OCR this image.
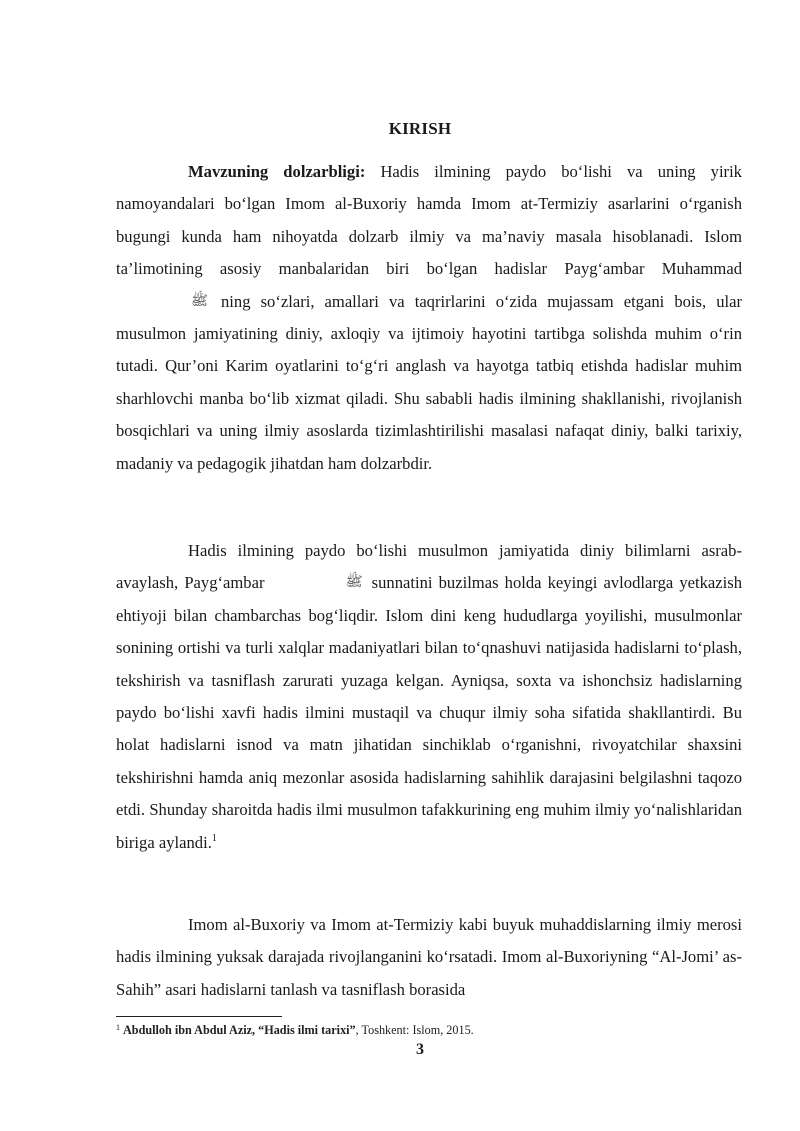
KIRISH

Mavzuning dolzarbligi: Hadis ilmining paydo bo‘lishi va uning yirik namoyandalari bo‘lgan Imom al-Buxoriy hamda Imom at-Termiziy asarlarini o‘rganish bugungi kunda ham nihoyatda dolzarb ilmiy va ma’naviy masala hisoblanadi. Islom ta’limotining asosiy manbalaridan biri bo‘lgan hadislar Payg‘ambar Muhammad ﷺ ning so‘zlari, amallari va taqrirlarini o‘zida mujassam etgani bois, ular musulmon jamiyatining diniy, axloqiy va ijtimoiy hayotini tartibga solishda muhim o‘rin tutadi. Qur’oni Karim oyatlarini to‘g‘ri anglash va hayotga tatbiq etishda hadislar muhim sharhlovchi manba bo‘lib xizmat qiladi. Shu sababli hadis ilmining shakllanishi, rivojlanish bosqichlari va uning ilmiy asoslarda tizimlashtirilishi masalasi nafaqat diniy, balki tarixiy, madaniy va pedagogik jihatdan ham dolzarbdir.

Hadis ilmining paydo bo‘lishi musulmon jamiyatida diniy bilimlarni asrab-avaylash, Payg‘ambar	ﷺ sunnatini buzilmas holda keyingi avlodlarga yetkazish ehtiyoji bilan chambarchas bog‘liqdir. Islom dini keng hududlarga yoyilishi, musulmonlar sonining ortishi va turli xalqlar madaniyatlari bilan to‘qnashuvi natijasida hadislarni to‘plash, tekshirish va tasniflash zarurati yuzaga kelgan. Ayniqsa, soxta va ishonchsiz hadislarning paydo bo‘lishi xavfi hadis ilmini mustaqil va chuqur ilmiy soha sifatida shakllantirdi. Bu holat hadislarni isnod va matn jihatidan sinchiklab o‘rganishni, rivoyatchilar shaxsini tekshirishni hamda aniq mezonlar asosida hadislarning sahihlik darajasini belgilashni taqozo etdi. Shunday sharoitda hadis ilmi musulmon tafakkurining eng muhim ilmiy yo‘nalishlaridan biriga aylandi.$^1$

Imom al-Buxoriy va Imom at-Termiziy kabi buyuk muhaddislarning ilmiy merosi hadis ilmining yuksak darajada rivojlanganini ko‘rsatadi. Imom al-Buxoriyning “Al-Jomi’ as-Sahih” asari hadislarni tanlash va tasniflash borasida

$^1$ Abdulloh ibn Abdul Aziz, “Hadis ilmi tarixi”, Toshkent: Islom, 2015.
3
